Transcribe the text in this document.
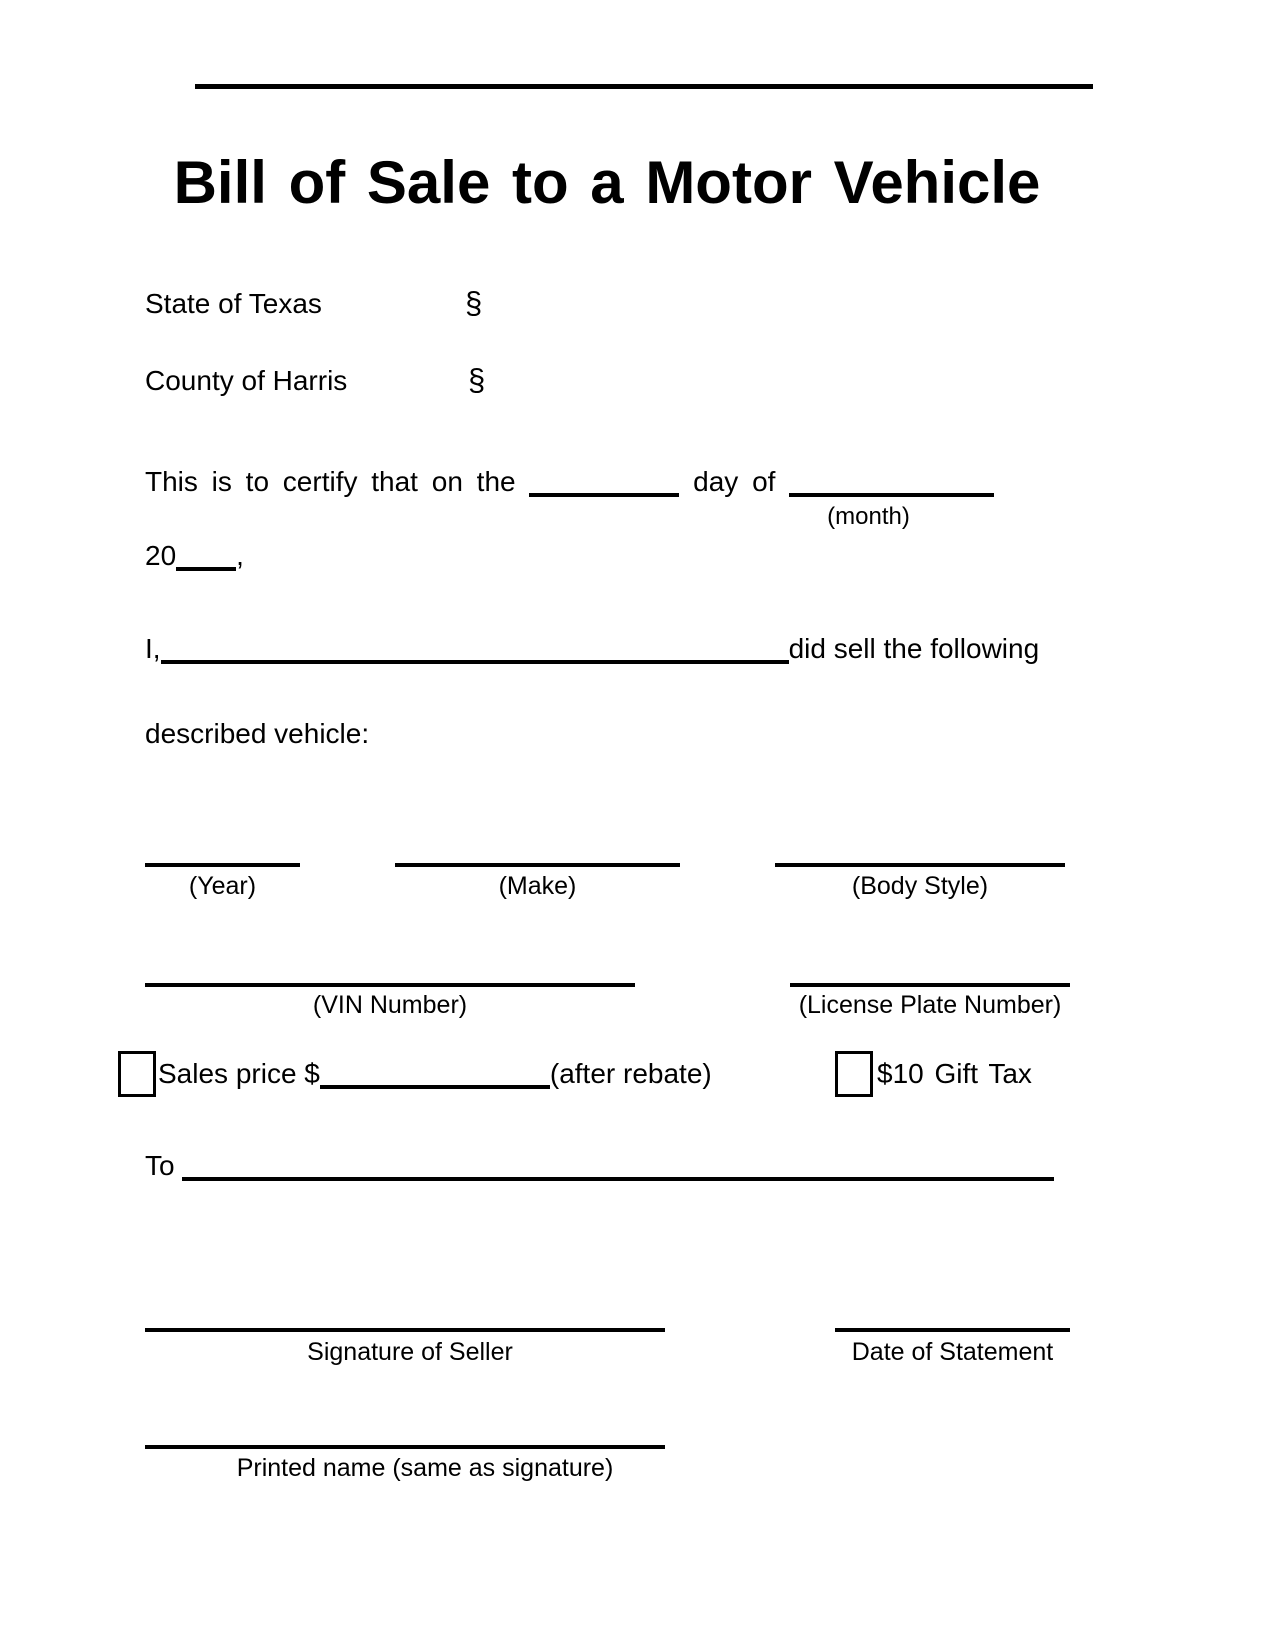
Bill of Sale to a Motor Vehicle
State of Texas	§
County of Harris	§
This is to certify that on the	day of
(month)
20 ,
I,	did sell the following
described vehicle:
(Year)	(Make)	(Body Style)
(VIN Number)	(License Plate Number)
Sales price $	(after rebate)	$10 Gift Tax
To
Signature of Seller	Date of Statement
Printed name (same as signature)
